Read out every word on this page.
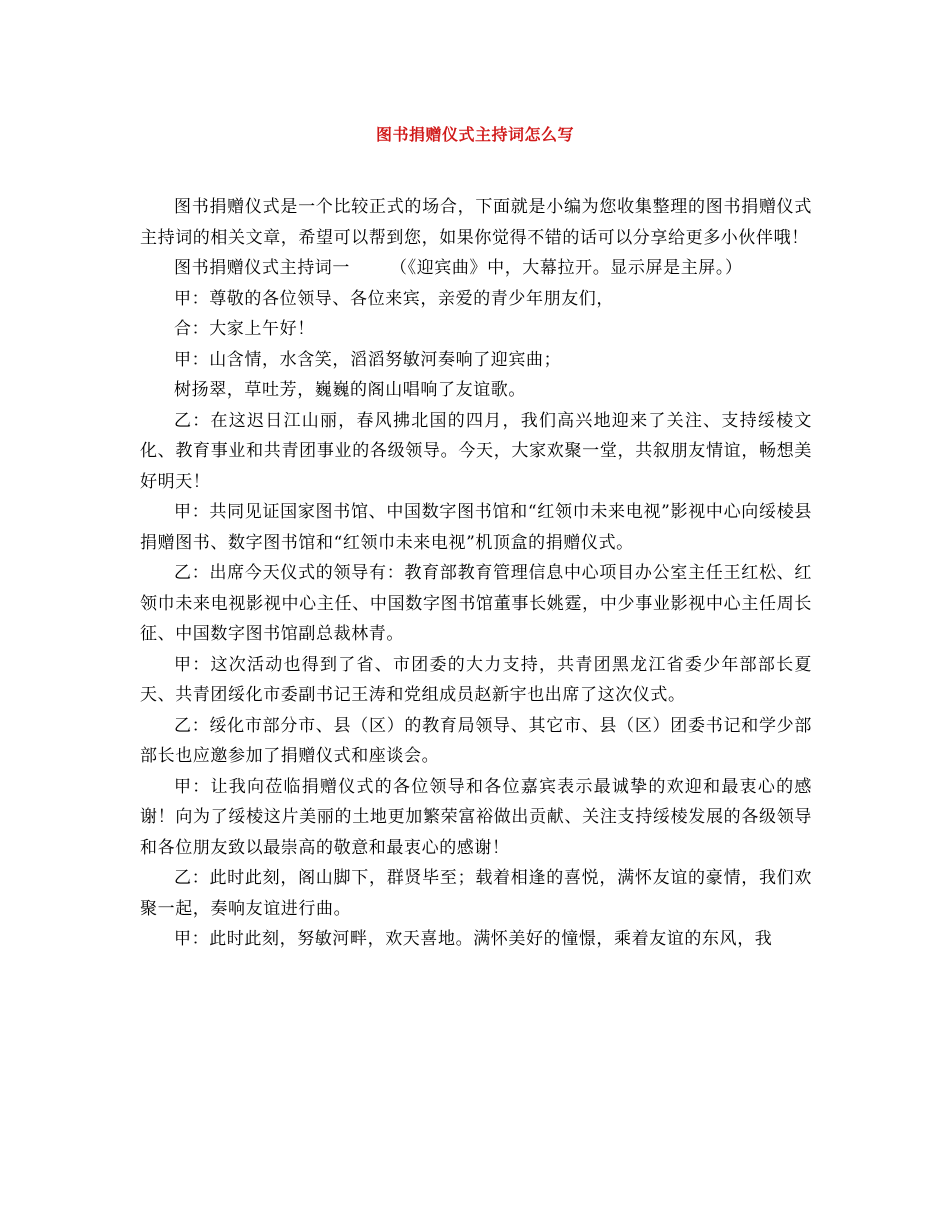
图书捐赠仪式主持词怎么写

图书捐赠仪式是一个比较正式的场合，下面就是小编为您收集整理的图书捐赠仪式主持词的相关文章，希望可以帮到您，如果你觉得不错的话可以分享给更多小伙伴哦！

图书捐赠仪式主持词一 （《迎宾曲》中，大幕拉开。显示屏是主屏。）

甲：尊敬的各位领导、各位来宾，亲爱的青少年朋友们，

合：大家上午好！

甲：山含情，水含笑，滔滔努敏河奏响了迎宾曲；

树扬翠，草吐芳，巍巍的阁山唱响了友谊歌。

乙：在这迟日江山丽，春风拂北国的四月，我们高兴地迎来了关注、支持绥棱文化、教育事业和共青团事业的各级领导。今天，大家欢聚一堂，共叙朋友情谊，畅想美好明天！

甲：共同见证国家图书馆、中国数字图书馆和“红领巾未来电视”影视中心向绥棱县捐赠图书、数字图书馆和“红领巾未来电视”机顶盒的捐赠仪式。

乙：出席今天仪式的领导有：教育部教育管理信息中心项目办公室主任王红松、红领巾未来电视影视中心主任、中国数字图书馆董事长姚霆，中少事业影视中心主任周长征、中国数字图书馆副总裁林青。

甲：这次活动也得到了省、市团委的大力支持，共青团黑龙江省委少年部部长夏天、共青团绥化市委副书记王涛和党组成员赵新宇也出席了这次仪式。

乙：绥化市部分市、县（区）的教育局领导、其它市、县（区）团委书记和学少部部长也应邀参加了捐赠仪式和座谈会。

甲：让我向莅临捐赠仪式的各位领导和各位嘉宾表示最诚挚的欢迎和最衷心的感谢！向为了绥棱这片美丽的土地更加繁荣富裕做出贡献、关注支持绥棱发展的各级领导和各位朋友致以最崇高的敬意和最衷心的感谢！

乙：此时此刻，阁山脚下，群贤毕至；载着相逢的喜悦，满怀友谊的豪情，我们欢聚一起，奏响友谊进行曲。

甲：此时此刻，努敏河畔，欢天喜地。满怀美好的憧憬，乘着友谊的东风，我
